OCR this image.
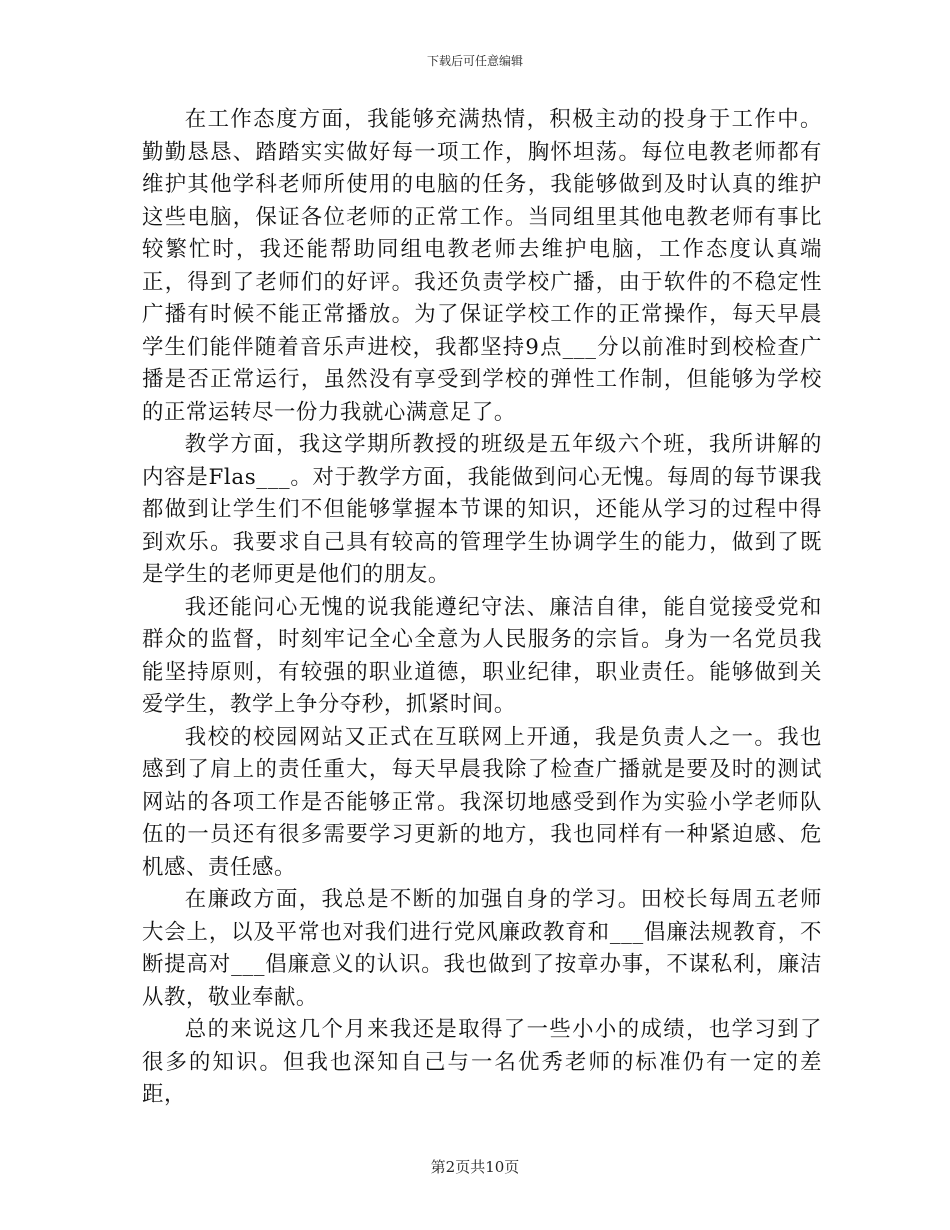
下载后可任意编辑

在工作态度方面，我能够充满热情，积极主动的投身于工作中。勤勤恳恳、踏踏实实做好每一项工作，胸怀坦荡。每位电教老师都有维护其他学科老师所使用的电脑的任务，我能够做到及时认真的维护这些电脑，保证各位老师的正常工作。当同组里其他电教老师有事比较繁忙时，我还能帮助同组电教老师去维护电脑，工作态度认真端正，得到了老师们的好评。我还负责学校广播，由于软件的不稳定性广播有时候不能正常播放。为了保证学校工作的正常操作，每天早晨学生们能伴随着音乐声进校，我都坚持9点___分以前准时到校检查广播是否正常运行，虽然没有享受到学校的弹性工作制，但能够为学校的正常运转尽一份力我就心满意足了。

教学方面，我这学期所教授的班级是五年级六个班，我所讲解的内容是Flas___。对于教学方面，我能做到问心无愧。每周的每节课我都做到让学生们不但能够掌握本节课的知识，还能从学习的过程中得到欢乐。我要求自己具有较高的管理学生协调学生的能力，做到了既是学生的老师更是他们的朋友。

我还能问心无愧的说我能遵纪守法、廉洁自律，能自觉接受党和群众的监督，时刻牢记全心全意为人民服务的宗旨。身为一名党员我能坚持原则，有较强的职业道德，职业纪律，职业责任。能够做到关爱学生，教学上争分夺秒，抓紧时间。

我校的校园网站又正式在互联网上开通，我是负责人之一。我也感到了肩上的责任重大，每天早晨我除了检查广播就是要及时的测试网站的各项工作是否能够正常。我深切地感受到作为实验小学老师队伍的一员还有很多需要学习更新的地方，我也同样有一种紧迫感、危机感、责任感。

在廉政方面，我总是不断的加强自身的学习。田校长每周五老师大会上，以及平常也对我们进行党风廉政教育和___倡廉法规教育，不断提高对___倡廉意义的认识。我也做到了按章办事，不谋私利，廉洁从教，敬业奉献。

总的来说这几个月来我还是取得了一些小小的成绩，也学习到了很多的知识。但我也深知自己与一名优秀老师的标准仍有一定的差距，

第2页共10页
